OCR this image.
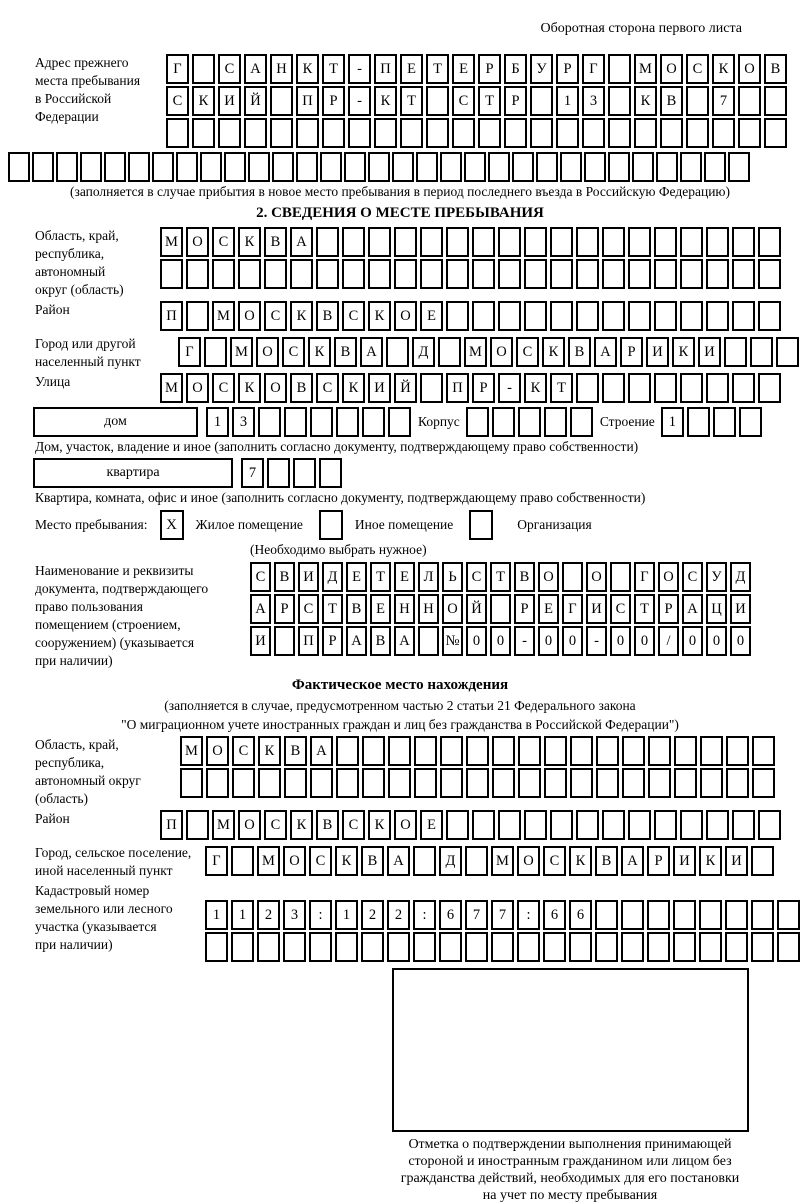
Оборотная сторона первого листа
Адрес прежнего
места пребывания
в Российской
Федерации
Г	С А Н К Т - П Е Т Е Р Б У Р Г	М О С К О В
С К И Й	П Р - К Т	С Т Р	1 3	К В	7
(заполняется в случае прибытия в новое место пребывания в период последнего въезда в Российскую Федерацию)
2. СВЕДЕНИЯ О МЕСТЕ ПРЕБЫВАНИЯ
Область, край,
республика,
автономный
округ (область)
М О С К В А
Район	П	М О С К В С К О Е
Город или другой
населенный пункт
Г	М О С К В А	Д	М О С К В А Р И К И
Улица	М О С К О В С К И Й	П Р - К Т
дом	1 3	Корпус	Строение 1
Дом, участок, владение и иное (заполнить согласно документу, подтверждающему право собственности)
квартира	7
Квартира, комната, офис и иное (заполнить согласно документу, подтверждающему право собственности)
Место пребывания:	X	Жилое помещение	Иное помещение	Организация
(Необходимо выбрать нужное)
Наименование и реквизиты
документа, подтверждающего
право пользования
помещением (строением,
сооружением) (указывается
при наличии)
С В И Д Е Т Е Л Ь С Т В О	О	Г О С У Д
А Р С Т В Е Н Н О Й	Р Е Г И С Т Р А Ц И
И	П Р А В А № 0 0 - 0 0 - 0 0 / 0 0 0
Фактическое место нахождения
(заполняется в случае, предусмотренном частью 2 статьи 21 Федерального закона
"О миграционном учете иностранных граждан и лиц без гражданства в Российской Федерации")
Область, край,
республика,
автономный округ
(область)
М О С К В А
Район	П	М О С К В С К О Е
Город, сельское поселение,
иной населенный пункт
Г	М О С К В А	Д	М О С К В А Р И К И
Кадастровый номер
земельного или лесного
участка (указывается
при наличии)
1 1 2 3 : 1 2 2 : 6 7 7 : 6 6
Отметка о подтверждении выполнения принимающей
стороной и иностранным гражданином или лицом без
гражданства действий, необходимых для его постановки
на учет по месту пребывания
